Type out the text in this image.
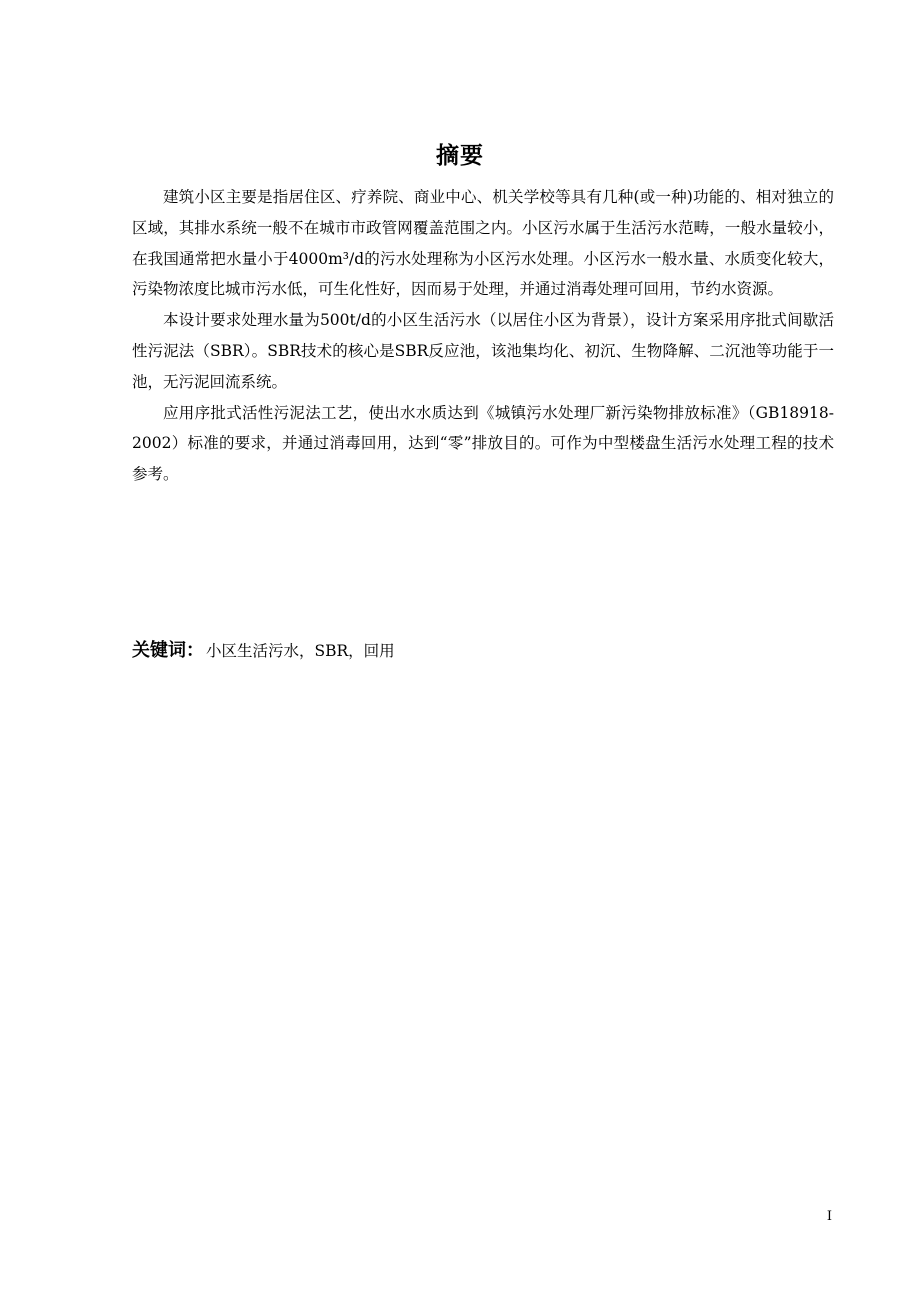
摘要

建筑小区主要是指居住区、疗养院、商业中心、机关学校等具有几种(或一种)功能的、相对独立的区域，其排水系统一般不在城市市政管网覆盖范围之内。小区污水属于生活污水范畴，一般水量较小，在我国通常把水量小于4000m³/d的污水处理称为小区污水处理。小区污水一般水量、水质变化较大，污染物浓度比城市污水低，可生化性好，因而易于处理，并通过消毒处理可回用，节约水资源。

本设计要求处理水量为500t/d的小区生活污水（以居住小区为背景），设计方案采用序批式间歇活性污泥法（SBR）。SBR技术的核心是SBR反应池，该池集均化、初沉、生物降解、二沉池等功能于一池，无污泥回流系统。

应用序批式活性污泥法工艺，使出水水质达到《城镇污水处理厂新污染物排放标准》（GB18918-2002）标准的要求，并通过消毒回用，达到“零”排放目的。可作为中型楼盘生活污水处理工程的技术参考。

关键词： 小区生活污水，SBR，回用
I
